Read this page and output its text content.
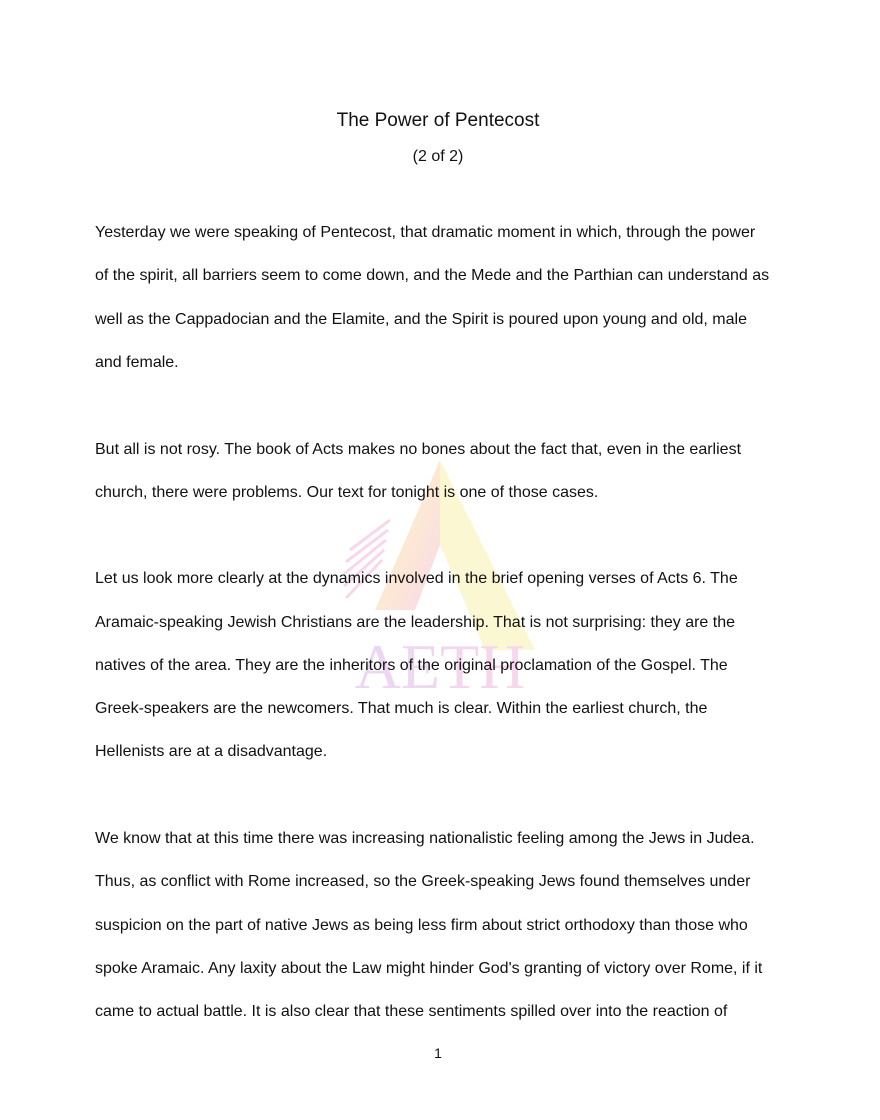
AETH
The Power of Pentecost
(2 of 2)
Yesterday we were speaking of Pentecost, that dramatic moment in which, through the power
of the spirit, all barriers seem to come down, and the Mede and the Parthian can understand as
well as the Cappadocian and the Elamite, and the Spirit is poured upon young and old, male
and female.
But all is not rosy. The book of Acts makes no bones about the fact that, even in the earliest
church, there were problems. Our text for tonight is one of those cases.
Let us look more clearly at the dynamics involved in the brief opening verses of Acts 6. The
Aramaic-speaking Jewish Christians are the leadership. That is not surprising: they are the
natives of the area. They are the inheritors of the original proclamation of the Gospel. The
Greek-speakers are the newcomers. That much is clear. Within the earliest church, the
Hellenists are at a disadvantage.
We know that at this time there was increasing nationalistic feeling among the Jews in Judea.
Thus, as conflict with Rome increased, so the Greek-speaking Jews found themselves under
suspicion on the part of native Jews as being less firm about strict orthodoxy than those who
spoke Aramaic. Any laxity about the Law might hinder God's granting of victory over Rome, if it
came to actual battle. It is also clear that these sentiments spilled over into the reaction of
1
